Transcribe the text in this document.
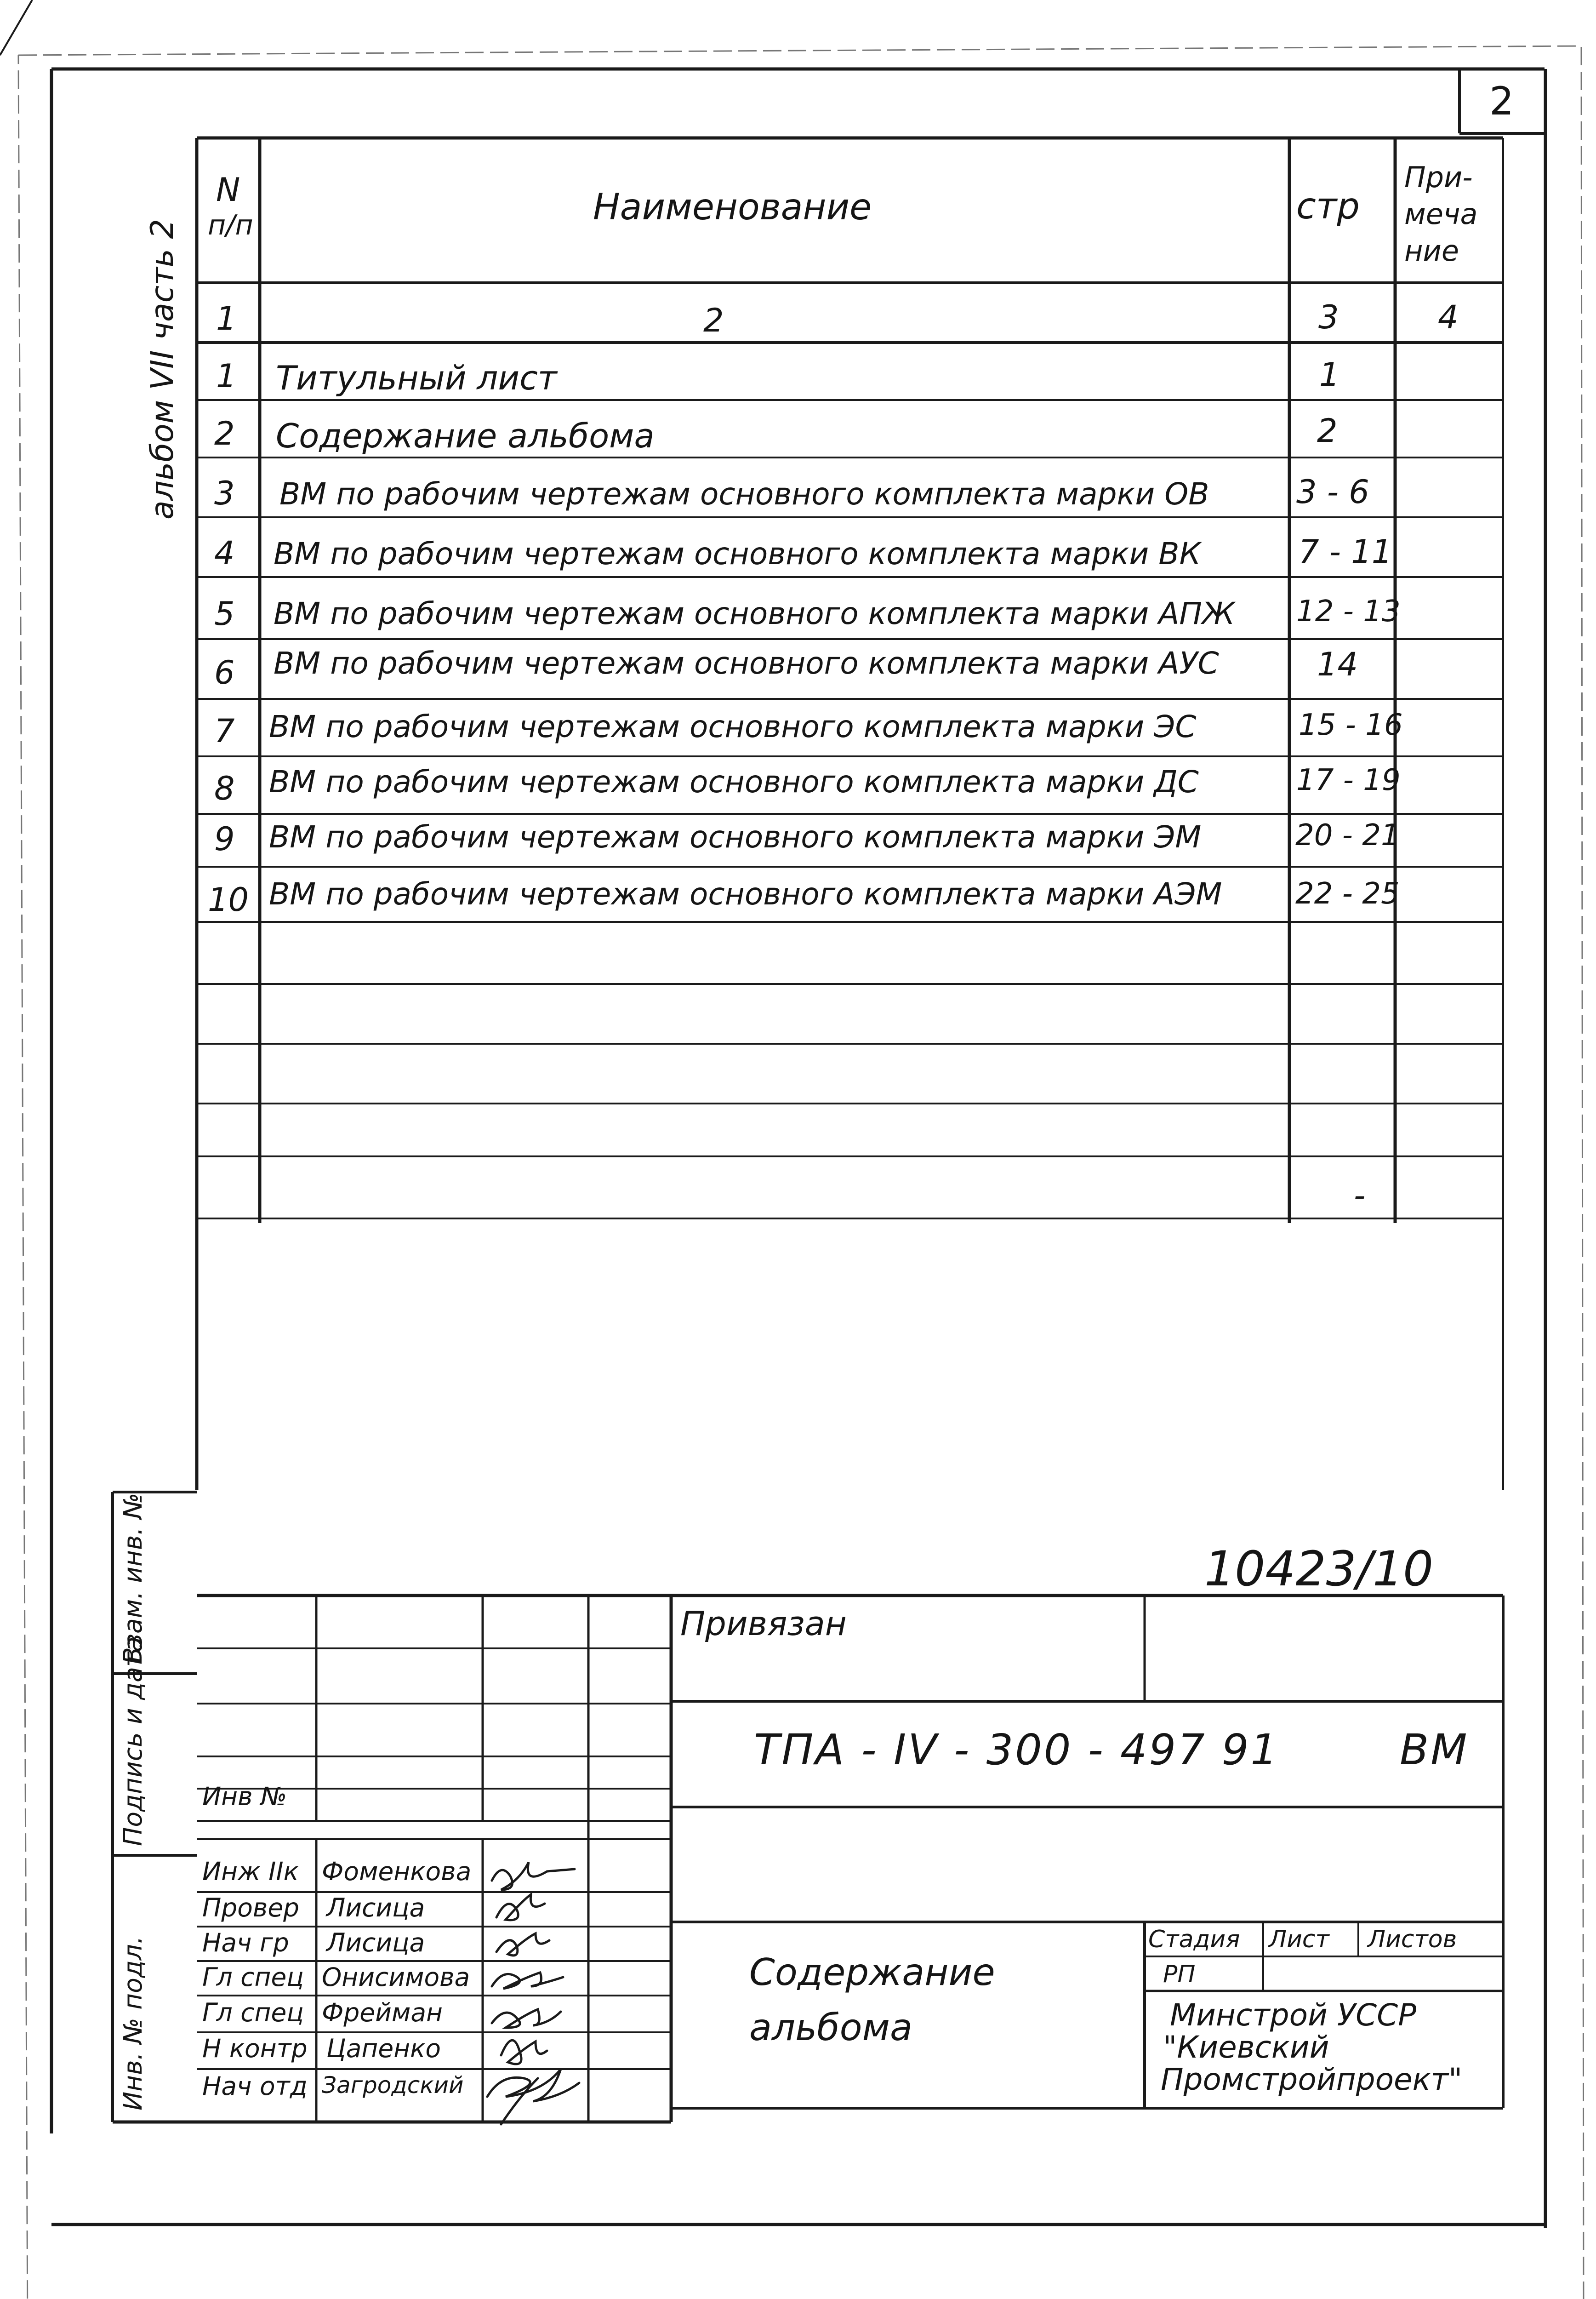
2
альбом VII часть 2
N
п/п	Наименование	стр
При-
меча
ние
1	2	3	4
1 Титульный лист	1
2 Содержание альбома	2
3 ВМ по рабочим чертежам основного комплекта марки ОВ	3 - 6
4 ВМ по рабочим чертежам основного комплекта марки ВК	7 - 11
5 ВМ по рабочим чертежам основного комплекта марки АПЖ 12 - 13
6 ВМ по рабочим чертежам основного комплекта марки АУС	14
7 ВМ по рабочим чертежам основного комплекта марки ЭС	15 - 16
8 ВМ по рабочим чертежам основного комплекта марки ДС	17 - 19
9 ВМ по рабочим чертежам основного комплекта марки ЭМ	20 - 21
10 ВМ по рабочим чертежам основного комплекта марки АЭМ 22 - 25
-
10423/10
Взам. инв. №
Подпись и дата
Инв. № подл.
Привязан
Инв №
ТПА - IV - 300 - 497 91	ВМ
Содержание
альбома
Стадия Лист Листов
РП
Минстрой УССР
"Киевский
Промстройпроект"
Инж IIк Фоменкова
Провер Лисица
Нач гр Лисица
Гл спец Онисимова
Гл спец Фрейман
Н контр Цапенко
Нач отд Загродский
